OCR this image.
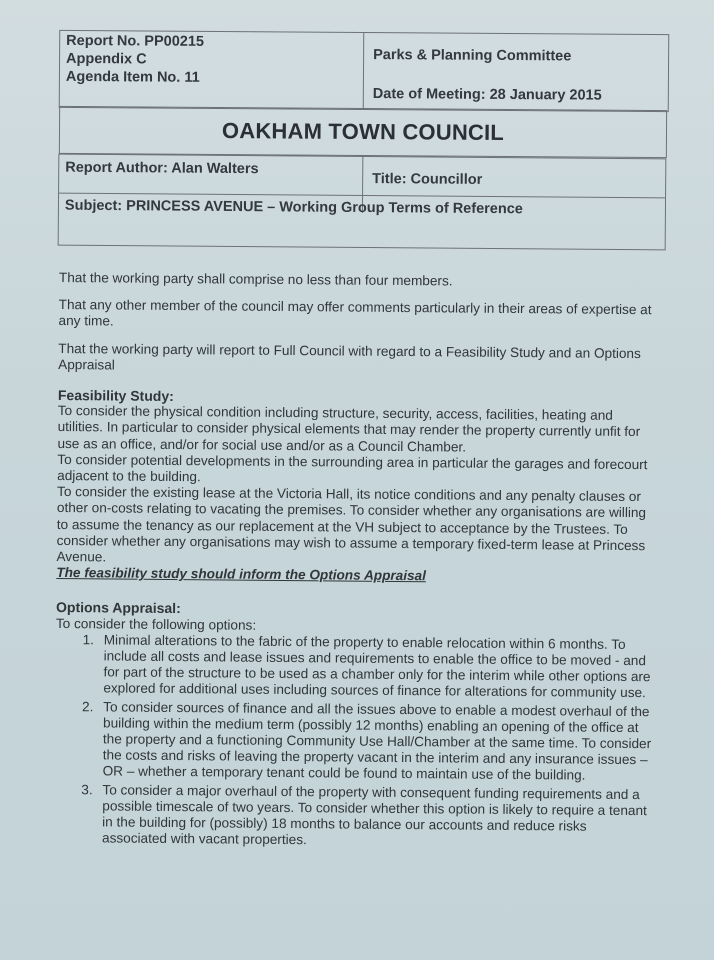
Report No. PP00215
Appendix C
Agenda Item No. 11
Parks & Planning Committee
Date of Meeting: 28 January 2015
OAKHAM TOWN COUNCIL
Report Author: Alan Walters
Title: Councillor
Subject: PRINCESS AVENUE – Working Group Terms of Reference

That the working party shall comprise no less than four members.

That any other member of the council may offer comments particularly in their areas of expertise at any time.

That the working party will report to Full Council with regard to a Feasibility Study and an Options Appraisal

Feasibility Study:

To consider the physical condition including structure, security, access, facilities, heating and utilities. In particular to consider physical elements that may render the property currently unfit for use as an office, and/or for social use and/or as a Council Chamber.

To consider potential developments in the surrounding area in particular the garages and forecourt adjacent to the building.

To consider the existing lease at the Victoria Hall, its notice conditions and any penalty clauses or other on-costs relating to vacating the premises. To consider whether any organisations are willing to assume the tenancy as our replacement at the VH subject to acceptance by the Trustees. To consider whether any organisations may wish to assume a temporary fixed-term lease at Princess Avenue.

The feasibility study should inform the Options Appraisal

Options Appraisal:

To consider the following options:

1. Minimal alterations to the fabric of the property to enable relocation within 6 months. To include all costs and lease issues and requirements to enable the office to be moved - and for part of the structure to be used as a chamber only for the interim while other options are explored for additional uses including sources of finance for alterations for community use.
2. To consider sources of finance and all the issues above to enable a modest overhaul of the building within the medium term (possibly 12 months) enabling an opening of the office at the property and a functioning Community Use Hall/Chamber at the same time. To consider the costs and risks of leaving the property vacant in the interim and any insurance issues –OR – whether a temporary tenant could be found to maintain use of the building.
3. To consider a major overhaul of the property with consequent funding requirements and a possible timescale of two years. To consider whether this option is likely to require a tenant in the building for (possibly) 18 months to balance our accounts and reduce risks associated with vacant properties.
